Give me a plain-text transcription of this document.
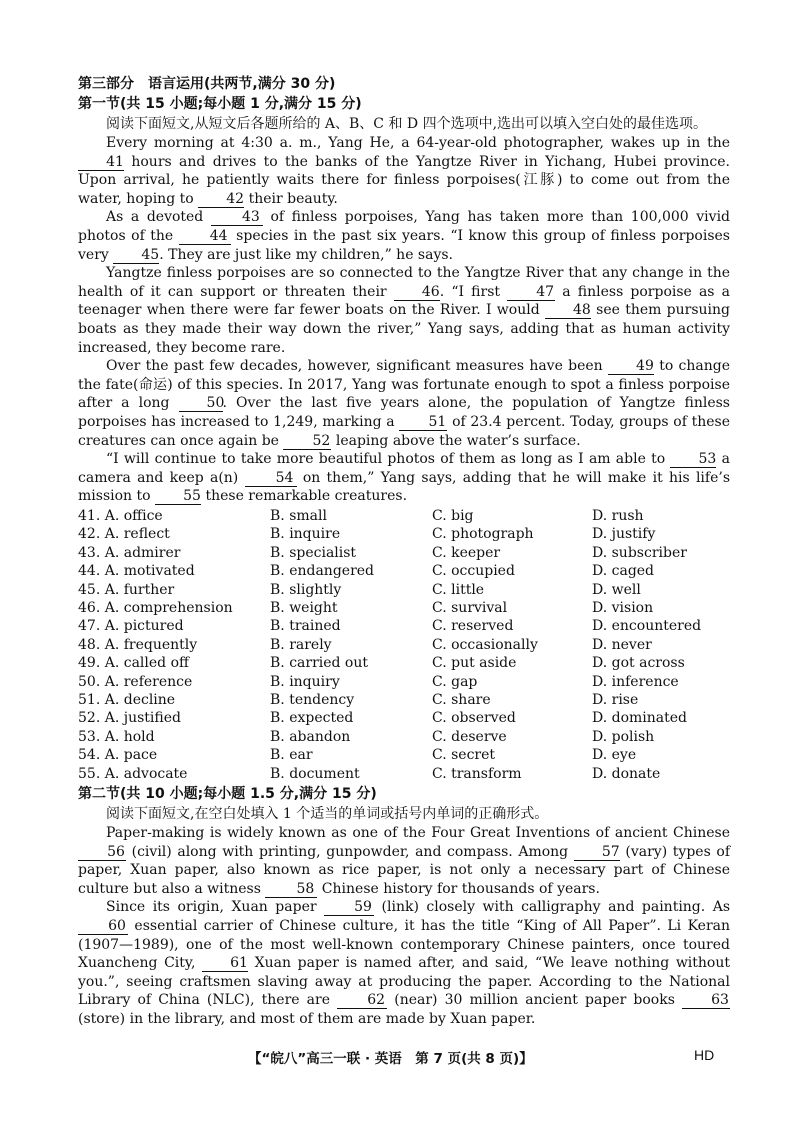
第三部分　语言运用(共两节,满分 30 分)

第一节(共 15 小题;每小题 1 分,满分 15 分)

阅读下面短文,从短文后各题所给的 A、B、C 和 D 四个选项中,选出可以填入空白处的最佳选项。

Every morning at 4:30 a. m., Yang He, a 64-year-old photographer, wakes up in the 41 hours and drives to the banks of the Yangtze River in Yichang, Hubei province. Upon arrival, he patiently waits there for finless porpoises(江豚) to come out from the water, hoping to 42 their beauty.

As a devoted 43 of finless porpoises, Yang has taken more than 100,000 vivid photos of the 44 species in the past six years. “I know this group of finless porpoises very 45. They are just like my children,” he says.

Yangtze finless porpoises are so connected to the Yangtze River that any change in the health of it can support or threaten their 46. “I first 47 a finless porpoise as a teenager when there were far fewer boats on the River. I would 48 see them pursuing boats as they made their way down the river,” Yang says, adding that as human activity increased, they become rare.

Over the past few decades, however, significant measures have been 49 to change the fate(命运) of this species. In 2017, Yang was fortunate enough to spot a finless porpoise after a long 50. Over the last five years alone, the population of Yangtze finless porpoises has increased to 1,249, marking a 51 of 23.4 percent. Today, groups of these creatures can once again be 52 leaping above the water’s surface.

“I will continue to take more beautiful photos of them as long as I am able to 53 a camera and keep a(n) 54 on them,” Yang says, adding that he will make it his life’s mission to 55 these remarkable creatures.

41. A. office	B. small	C. big	D. rush
42. A. reflect	B. inquire	C. photograph	D. justify
43. A. admirer	B. specialist	C. keeper	D. subscriber
44. A. motivated	B. endangered	C. occupied	D. caged
45. A. further	B. slightly	C. little	D. well
46. A. comprehension	B. weight	C. survival	D. vision
47. A. pictured	B. trained	C. reserved	D. encountered
48. A. frequently	B. rarely	C. occasionally	D. never
49. A. called off	B. carried out	C. put aside	D. got across
50. A. reference	B. inquiry	C. gap	D. inference
51. A. decline	B. tendency	C. share	D. rise
52. A. justified	B. expected	C. observed	D. dominated
53. A. hold	B. abandon	C. deserve	D. polish
54. A. pace	B. ear	C. secret	D. eye
55. A. advocate	B. document	C. transform	D. donate

第二节(共 10 小题;每小题 1.5 分,满分 15 分)

阅读下面短文,在空白处填入 1 个适当的单词或括号内单词的正确形式。

Paper-making is widely known as one of the Four Great Inventions of ancient Chinese 56 (civil) along with printing, gunpowder, and compass. Among 57 (vary) types of paper, Xuan paper, also known as rice paper, is not only a necessary part of Chinese culture but also a witness 58 Chinese history for thousands of years.

Since its origin, Xuan paper 59 (link) closely with calligraphy and painting. As 60 essential carrier of Chinese culture, it has the title “King of All Paper”. Li Keran (1907—1989), one of the most well-known contemporary Chinese painters, once toured Xuancheng City, 61 Xuan paper is named after, and said, “We leave nothing without you.”, seeing craftsmen slaving away at producing the paper. According to the National Library of China (NLC), there are 62 (near) 30 million ancient paper books 63 (store) in the library, and most of them are made by Xuan paper.

【“皖八”高三一联 · 英语　第 7 页(共 8 页)】	HD
